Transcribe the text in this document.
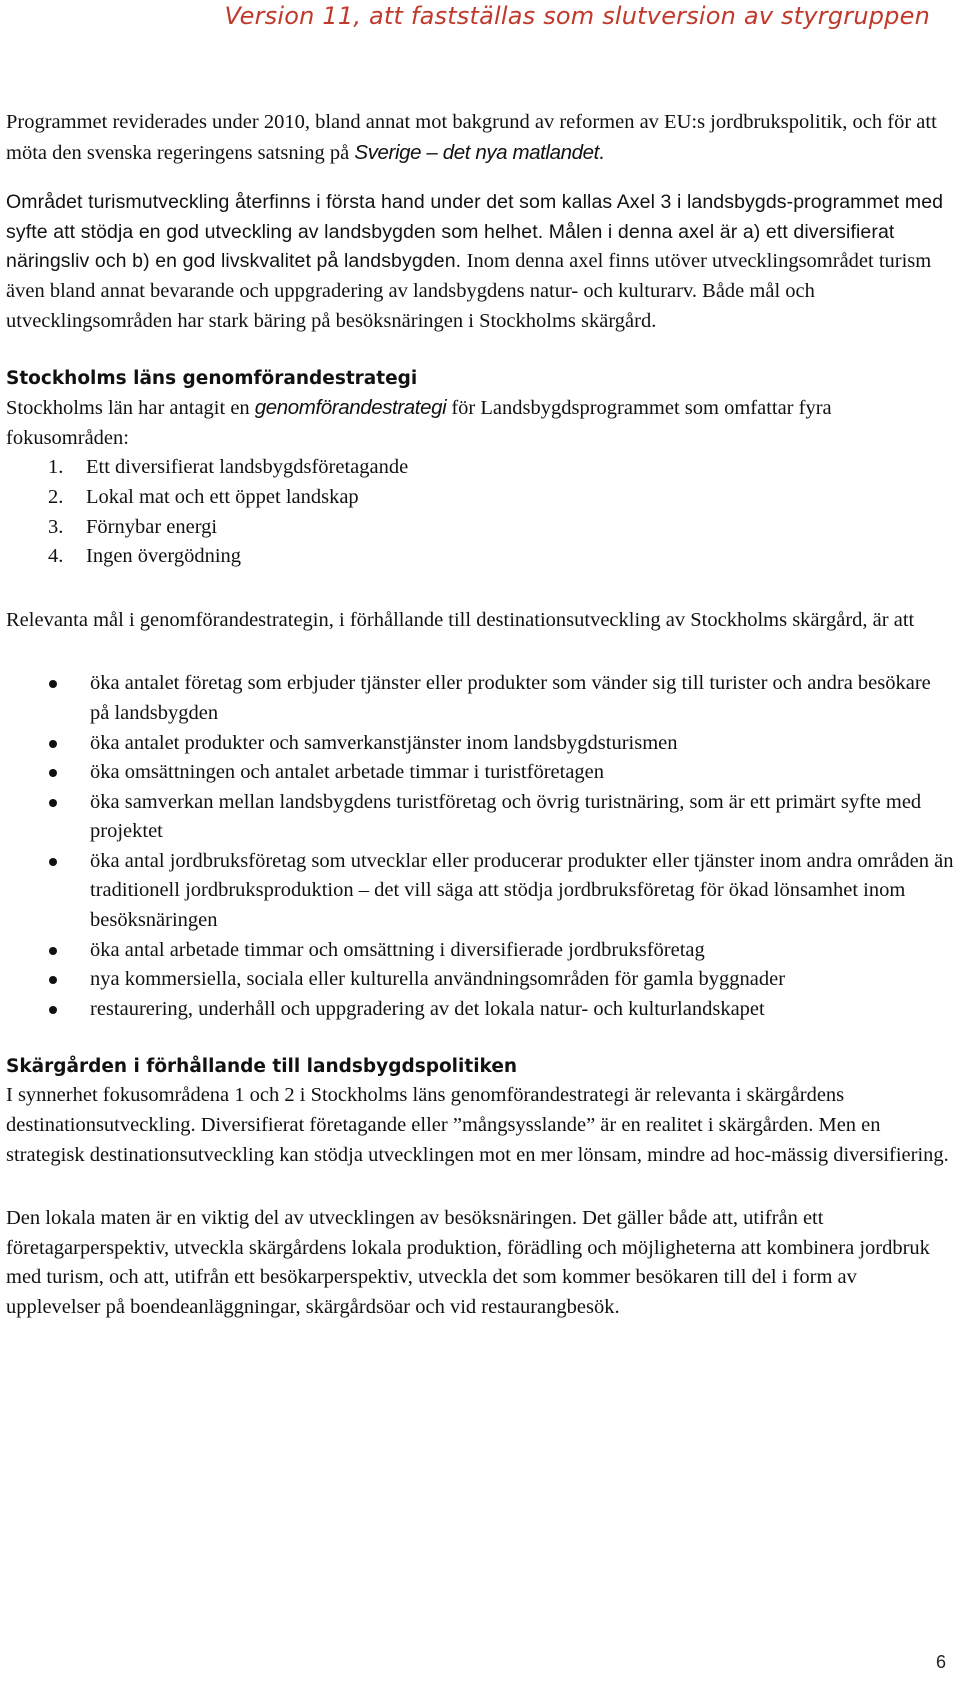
Version 11, att fastställas som slutversion av styrgruppen

Programmet reviderades under 2010, bland annat mot bakgrund av reformen av EU:s jordbrukspolitik, och för att möta den svenska regeringens satsning på Sverige – det nya matlandet.

Området turismutveckling återfinns i första hand under det som kallas Axel 3 i landsbygds-programmet med syfte att stödja en god utveckling av landsbygden som helhet. Målen i denna axel är a) ett diversifierat näringsliv och b) en god livskvalitet på landsbygden. Inom denna axel finns utöver utvecklingsområdet turism även bland annat bevarande och uppgradering av landsbygdens natur- och kulturarv. Både mål och utvecklingsområden har stark bäring på besöksnäringen i Stockholms skärgård.

Stockholms läns genomförandestrategi

Stockholms län har antagit en genomförandestrategi för Landsbygdsprogrammet som omfattar fyra fokusområden:

1.	Ett diversifierat landsbygdsföretagande
2.	Lokal mat och ett öppet landskap
3.	Förnybar energi
4.	Ingen övergödning

Relevanta mål i genomförandestrategin, i förhållande till destinationsutveckling av Stockholms skärgård, är att

öka antalet företag som erbjuder tjänster eller produkter som vänder sig till turister och andra besökare på landsbygden
öka antalet produkter och samverkanstjänster inom landsbygdsturismen
öka omsättningen och antalet arbetade timmar i turistföretagen
öka samverkan mellan landsbygdens turistföretag och övrig turistnäring, som är ett primärt syfte med projektet
öka antal jordbruksföretag som utvecklar eller producerar produkter eller tjänster inom andra områden än traditionell jordbruksproduktion – det vill säga att stödja jordbruksföretag för ökad lönsamhet inom besöksnäringen
öka antal arbetade timmar och omsättning i diversifierade jordbruksföretag
nya kommersiella, sociala eller kulturella användningsområden för gamla byggnader
restaurering, underhåll och uppgradering av det lokala natur- och kulturlandskapet

Skärgården i förhållande till landsbygdspolitiken

I synnerhet fokusområdena 1 och 2 i Stockholms läns genomförandestrategi är relevanta i skärgårdens destinationsutveckling. Diversifierat företagande eller ”mångsysslande” är en realitet i skärgården. Men en strategisk destinationsutveckling kan stödja utvecklingen mot en mer lönsam, mindre ad hoc-mässig diversifiering.

Den lokala maten är en viktig del av utvecklingen av besöksnäringen. Det gäller både att, utifrån ett företagarperspektiv, utveckla skärgårdens lokala produktion, förädling och möjligheterna att kombinera jordbruk med turism, och att, utifrån ett besökarperspektiv, utveckla det som kommer besökaren till del i form av upplevelser på boendeanläggningar, skärgårdsöar och vid restaurangbesök.

6
